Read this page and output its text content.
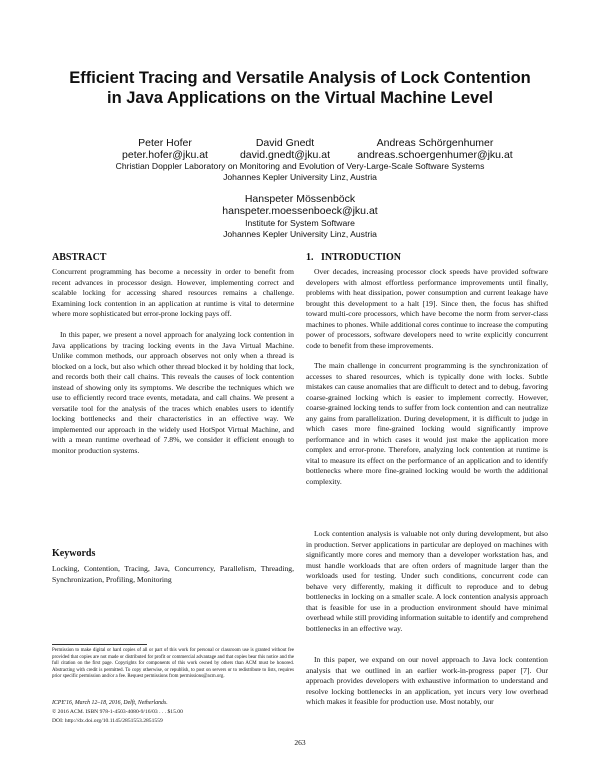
Efficient Tracing and Versatile Analysis of Lock Contention
in Java Applications on the Virtual Machine Level
Peter Hofer
peter.hofer@jku.at
David Gnedt
david.gnedt@jku.at
Andreas Schörgenhumer
andreas.schoergenhumer@jku.at
Christian Doppler Laboratory on Monitoring and Evolution of Very-Large-Scale Software Systems
Johannes Kepler University Linz, Austria
Hanspeter Mössenböck
hanspeter.moessenboeck@jku.at
Institute for System Software
Johannes Kepler University Linz, Austria
ABSTRACT

Concurrent programming has become a necessity in order to benefit from recent advances in processor design. However, implementing correct and scalable locking for accessing shared resources remains a challenge. Examining lock contention in an application at runtime is vital to determine where more sophisticated but error-prone locking pays off.

In this paper, we present a novel approach for analyzing lock contention in Java applications by tracing locking events in the Java Virtual Machine. Unlike common methods, our approach observes not only when a thread is blocked on a lock, but also which other thread blocked it by holding that lock, and records both their call chains. This reveals the causes of lock contention instead of showing only its symptoms. We describe the techniques which we use to efficiently record trace events, metadata, and call chains. We present a versatile tool for the analysis of the traces which enables users to identify locking bottlenecks and their characteristics in an effective way. We implemented our approach in the widely used HotSpot Virtual Machine, and with a mean runtime overhead of 7.8%, we consider it efficient enough to monitor production systems.

Keywords

Locking, Contention, Tracing, Java, Concurrency, Parallelism, Threading, Synchronization, Profiling, Monitoring

Permission to make digital or hard copies of all or part of this work for personal or classroom use is granted without fee provided that copies are not made or distributed for profit or commercial advantage and that copies bear this notice and the full citation on the first page. Copyrights for components of this work owned by others than ACM must be honored. Abstracting with credit is permitted. To copy otherwise, or republish, to post on servers or to redistribute to lists, requires prior specific permission and/or a fee. Request permissions from permissions@acm.org.

ICPE'16, March 12–18, 2016, Delft, Netherlands.
© 2016 ACM. ISBN 978-1-4503-4080-9/16/03 . . . $15.00
DOI: http://dx.doi.org/10.1145/2851553.2851559
1.   INTRODUCTION

Over decades, increasing processor clock speeds have provided software developers with almost effortless performance improvements until finally, problems with heat dissipation, power consumption and current leakage have brought this development to a halt [19]. Since then, the focus has shifted toward multi-core processors, which have become the norm from server-class machines to phones. While additional cores continue to increase the computing power of processors, software developers need to write explicitly concurrent code to benefit from these improvements.

The main challenge in concurrent programming is the synchronization of accesses to shared resources, which is typically done with locks. Subtle mistakes can cause anomalies that are difficult to detect and to debug, favoring coarse-grained locking which is easier to implement correctly. However, coarse-grained locking tends to suffer from lock contention and can neutralize any gains from parallelization. During development, it is difficult to judge in which cases more fine-grained locking would significantly improve performance and in which cases it would just make the application more complex and error-prone. Therefore, analyzing lock contention at runtime is vital to measure its effect on the performance of an application and to identify bottlenecks where more fine-grained locking would be worth the additional complexity.

Lock contention analysis is valuable not only during development, but also in production. Server applications in particular are deployed on machines with significantly more cores and memory than a developer workstation has, and must handle workloads that are often orders of magnitude larger than the workloads used for testing. Under such conditions, concurrent code can behave very differently, making it difficult to reproduce and to debug bottlenecks in locking on a smaller scale. A lock contention analysis approach that is feasible for use in a production environment should have minimal overhead while still providing information suitable to identify and comprehend bottlenecks in an effective way.

In this paper, we expand on our novel approach to Java lock contention analysis that we outlined in an earlier work-in-progress paper [7]. Our approach provides developers with exhaustive information to understand and resolve locking bottlenecks in an application, yet incurs very low overhead which makes it feasible for production use. Most notably, our

263
